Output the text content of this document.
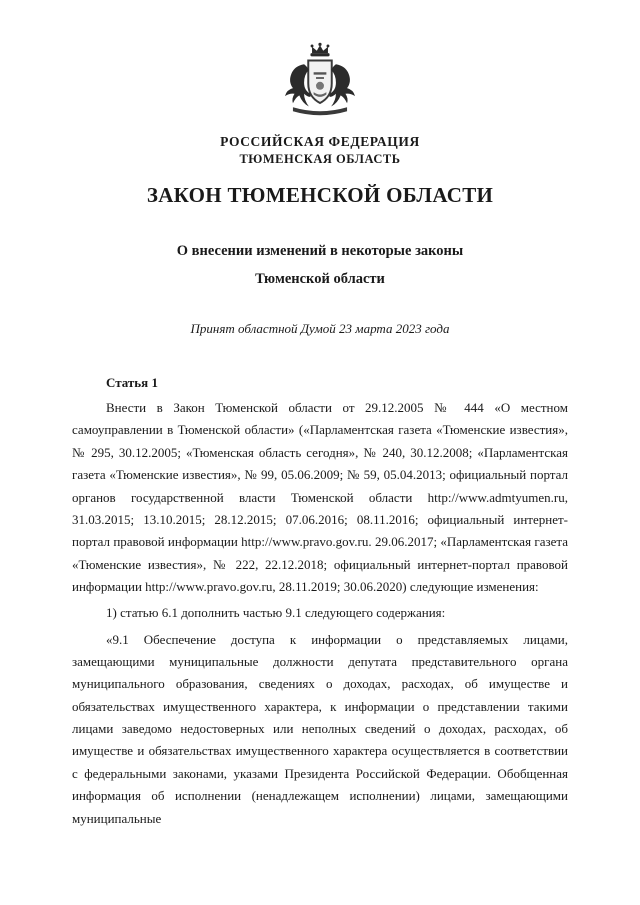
РОССИЙСКАЯ ФЕДЕРАЦИЯ
ТЮМЕНСКАЯ ОБЛАСТЬ
ЗАКОН ТЮМЕНСКОЙ ОБЛАСТИ
О внесении изменений в некоторые законы
Тюменской области
Принят областной Думой 23 марта 2023 года
Статья 1

Внести в Закон Тюменской области от 29.12.2005 № 444 «О местном самоуправлении в Тюменской области» («Парламентская газета «Тюменские известия», № 295, 30.12.2005; «Тюменская область сегодня», № 240, 30.12.2008; «Парламентская газета «Тюменские известия», № 99, 05.06.2009; № 59, 05.04.2013; официальный портал органов государственной власти Тюменской области http://www.admtyumen.ru, 31.03.2015; 13.10.2015; 28.12.2015; 07.06.2016; 08.11.2016; официальный интернет-портал правовой информации http://www.pravo.gov.ru. 29.06.2017; «Парламентская газета «Тюменские известия», № 222, 22.12.2018; официальный интернет-портал правовой информации http://www.pravo.gov.ru, 28.11.2019; 30.06.2020) следующие изменения:

1) статью 6.1 дополнить частью 9.1 следующего содержания:

«9.1 Обеспечение доступа к информации о представляемых лицами, замещающими муниципальные должности депутата представительного органа муниципального образования, сведениях о доходах, расходах, об имуществе и обязательствах имущественного характера, к информации о представлении такими лицами заведомо недостоверных или неполных сведений о доходах, расходах, об имуществе и обязательствах имущественного характера осуществляется в соответствии с федеральными законами, указами Президента Российской Федерации. Обобщенная информация об исполнении (ненадлежащем исполнении) лицами, замещающими муниципальные
